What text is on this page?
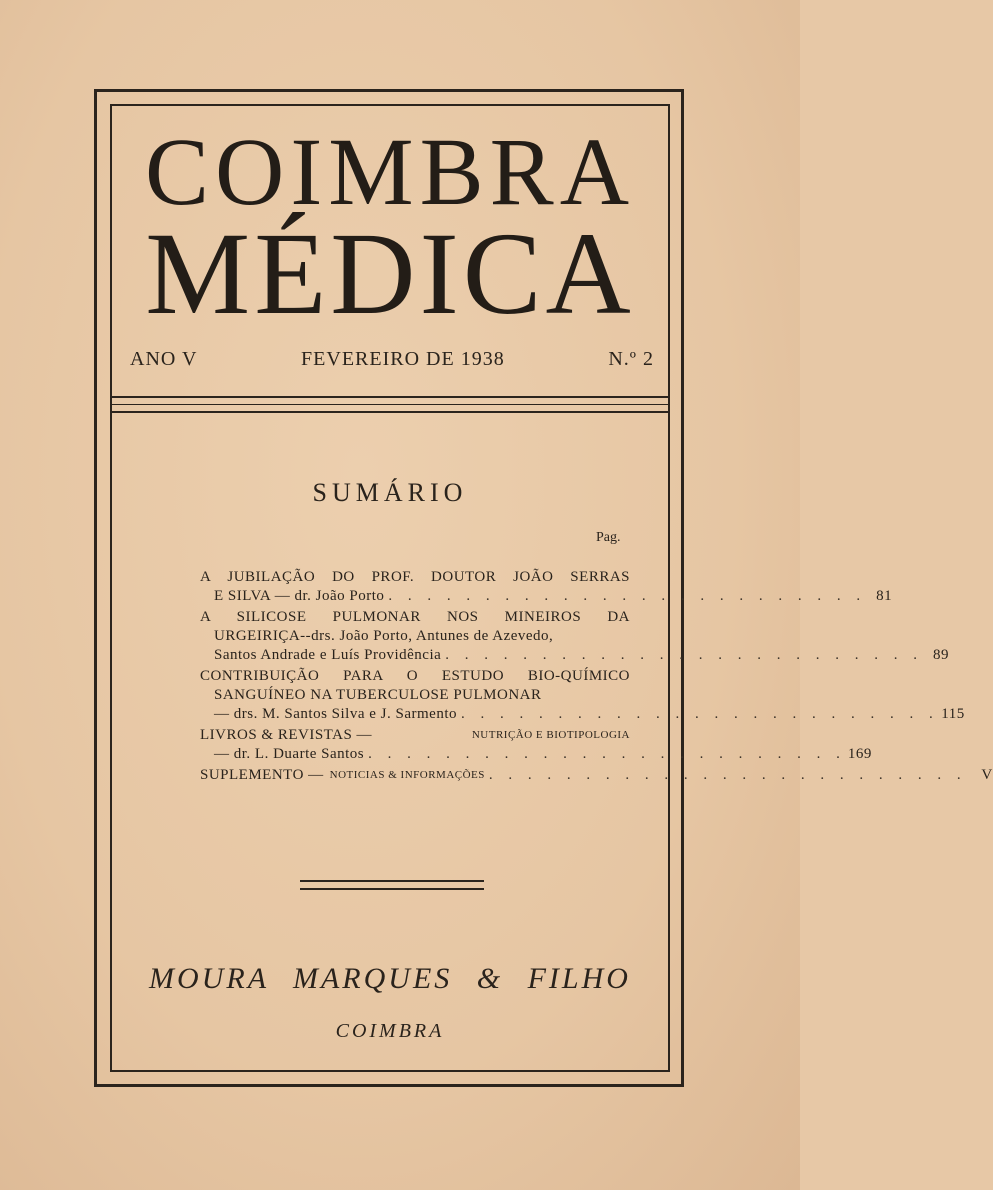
COIMBRA
MÉDICA
ANO V	FEVEREIRO DE 1938	N.º 2
SUMÁRIO
Pag.
A JUBILAÇÃO DO PROF. DOUTOR JOÃO SERRAS
E SILVA — dr. João Porto . . . . . . . . . . . . . . . . . . . . . . . . . 81
A SILICOSE PULMONAR NOS MINEIROS DA
URGEIRIÇA--drs. João Porto, Antunes de Azevedo,
Santos Andrade e Luís Providência . . . . . . . . . . . . . . . . . . . . . . . . . 89
CONTRIBUIÇÃO PARA O ESTUDO BIO-QUÍMICO
SANGUÍNEO NA TUBERCULOSE PULMONAR
— drs. M. Santos Silva e J. Sarmento . . . . . . . . . . . . . . . . . . . . . . . . . 115
LIVROS & REVISTAS —	NUTRIÇÃO E BIOTIPOLOGIA
— dr. L. Duarte Santos . . . . . . . . . . . . . . . . . . . . . . . . . 169
SUPLEMENTO — NOTICIAS & INFORMAÇÕES . . . . . . . . . . . . . . . . . . . . . . . . . V
MOURA MARQUES & FILHO
COIMBRA
